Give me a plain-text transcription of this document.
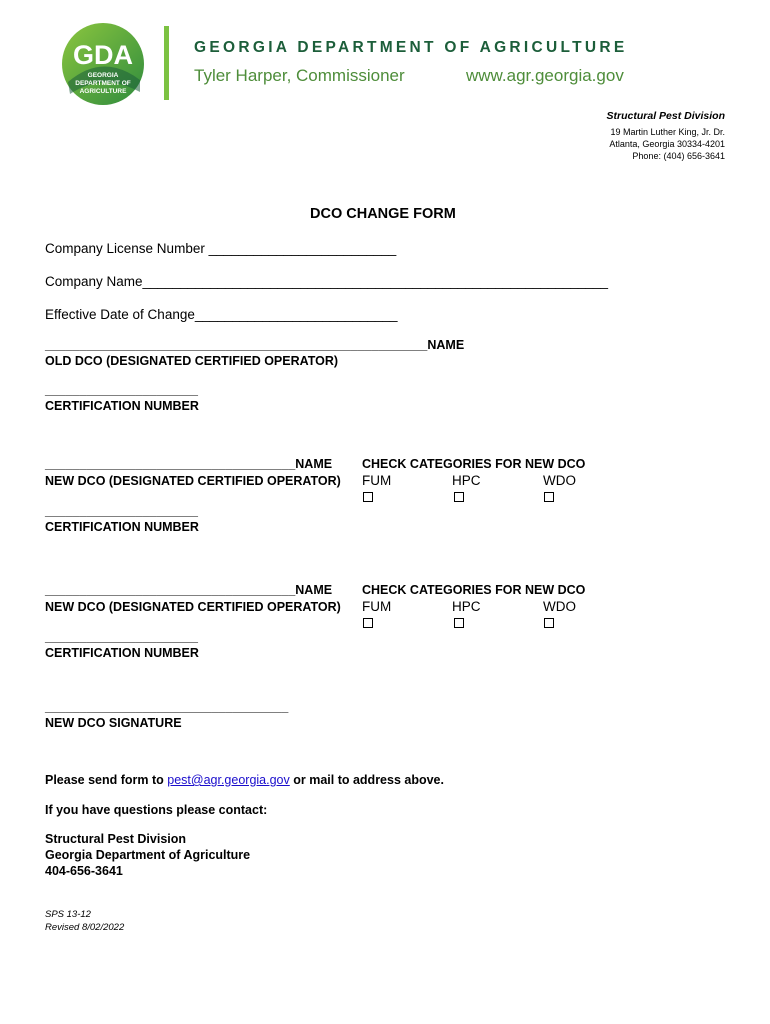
GDA
GEORGIA
DEPARTMENT OF
AGRICULTURE
GEORGIA DEPARTMENT OF AGRICULTURE
Tyler Harper, Commissioner	www.agr.georgia.gov
Structural Pest Division
19 Martin Luther King, Jr. Dr.
Atlanta, Georgia 30334-4201
Phone: (404) 656-3641
DCO CHANGE FORM
Company License Number _________________________
Company Name______________________________________________________________
Effective Date of Change___________________________
_______________________________________________________NAME
OLD DCO (DESIGNATED CERTIFIED OPERATOR)
______________________
CERTIFICATION NUMBER
____________________________________NAME
NEW DCO (DESIGNATED CERTIFIED OPERATOR)
CHECK CATEGORIES FOR NEW DCO
FUM	HPC	WDO
______________________
CERTIFICATION NUMBER
____________________________________NAME
NEW DCO (DESIGNATED CERTIFIED OPERATOR)
CHECK CATEGORIES FOR NEW DCO
FUM	HPC	WDO
______________________
CERTIFICATION NUMBER
___________________________________
NEW DCO SIGNATURE
Please send form to pest@agr.georgia.gov or mail to address above.
If you have questions please contact:
Structural Pest Division
Georgia Department of Agriculture
404-656-3641
SPS 13-12
Revised 8/02/2022
